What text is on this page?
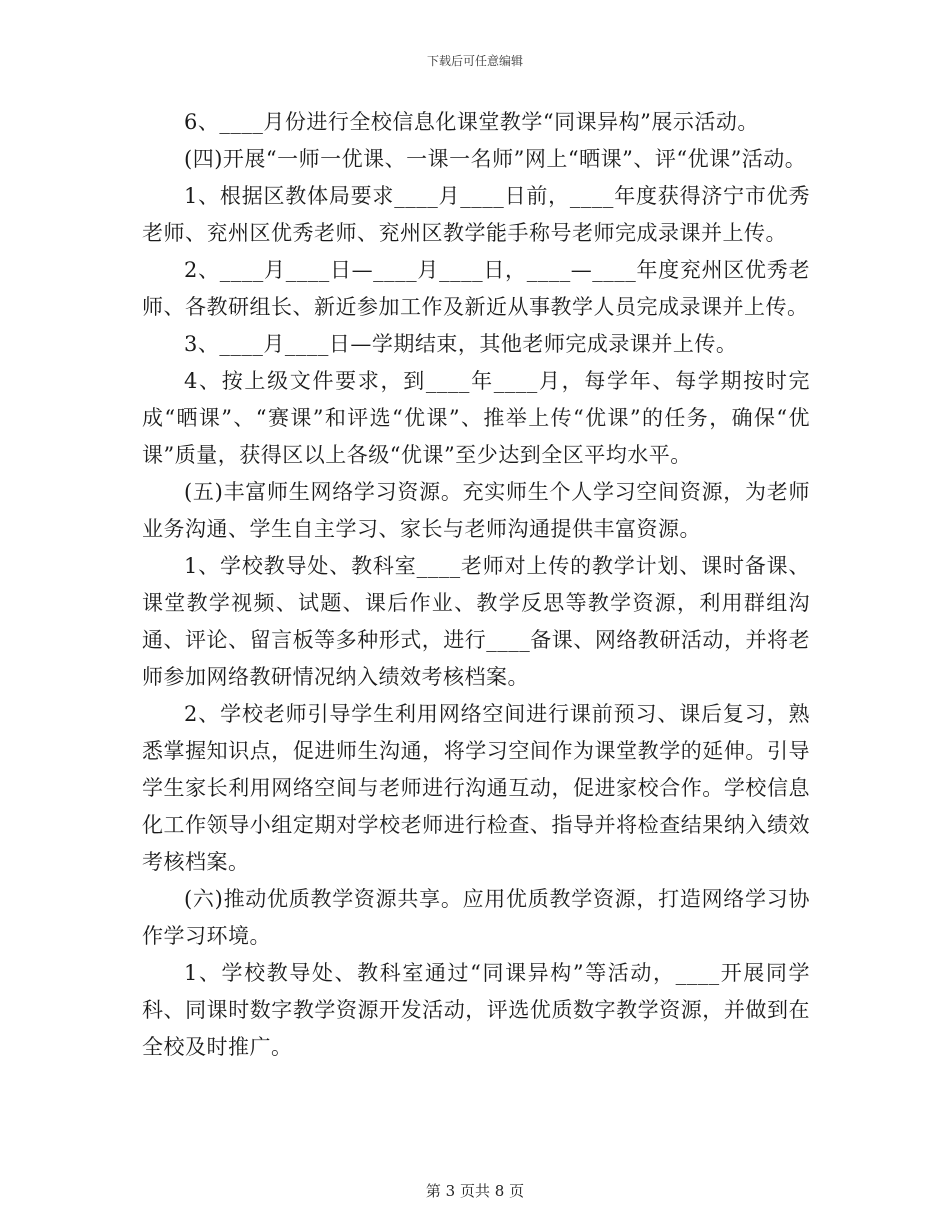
下载后可任意编辑

6、____月份进行全校信息化课堂教学“同课异构”展示活动。

(四)开展“一师一优课、一课一名师”网上“晒课”、评“优课”活动。

1、根据区教体局要求____月____日前，____年度获得济宁市优秀老师、兖州区优秀老师、兖州区教学能手称号老师完成录课并上传。

2、____月____日—____月____日，____—____年度兖州区优秀老师、各教研组长、新近参加工作及新近从事教学人员完成录课并上传。

3、____月____日—学期结束，其他老师完成录课并上传。

4、按上级文件要求，到____年____月，每学年、每学期按时完成“晒课”、“赛课”和评选“优课”、推举上传“优课”的任务，确保“优课”质量，获得区以上各级“优课”至少达到全区平均水平。

(五)丰富师生网络学习资源。充实师生个人学习空间资源，为老师业务沟通、学生自主学习、家长与老师沟通提供丰富资源。

1、学校教导处、教科室____老师对上传的教学计划、课时备课、课堂教学视频、试题、课后作业、教学反思等教学资源，利用群组沟通、评论、留言板等多种形式，进行____备课、网络教研活动，并将老师参加网络教研情况纳入绩效考核档案。

2、学校老师引导学生利用网络空间进行课前预习、课后复习，熟悉掌握知识点，促进师生沟通，将学习空间作为课堂教学的延伸。引导学生家长利用网络空间与老师进行沟通互动，促进家校合作。学校信息化工作领导小组定期对学校老师进行检查、指导并将检查结果纳入绩效考核档案。

(六)推动优质教学资源共享。应用优质教学资源，打造网络学习协作学习环境。

1、学校教导处、教科室通过“同课异构”等活动，____开展同学科、同课时数字教学资源开发活动，评选优质数字教学资源，并做到在全校及时推广。

第 3 页共 8 页
